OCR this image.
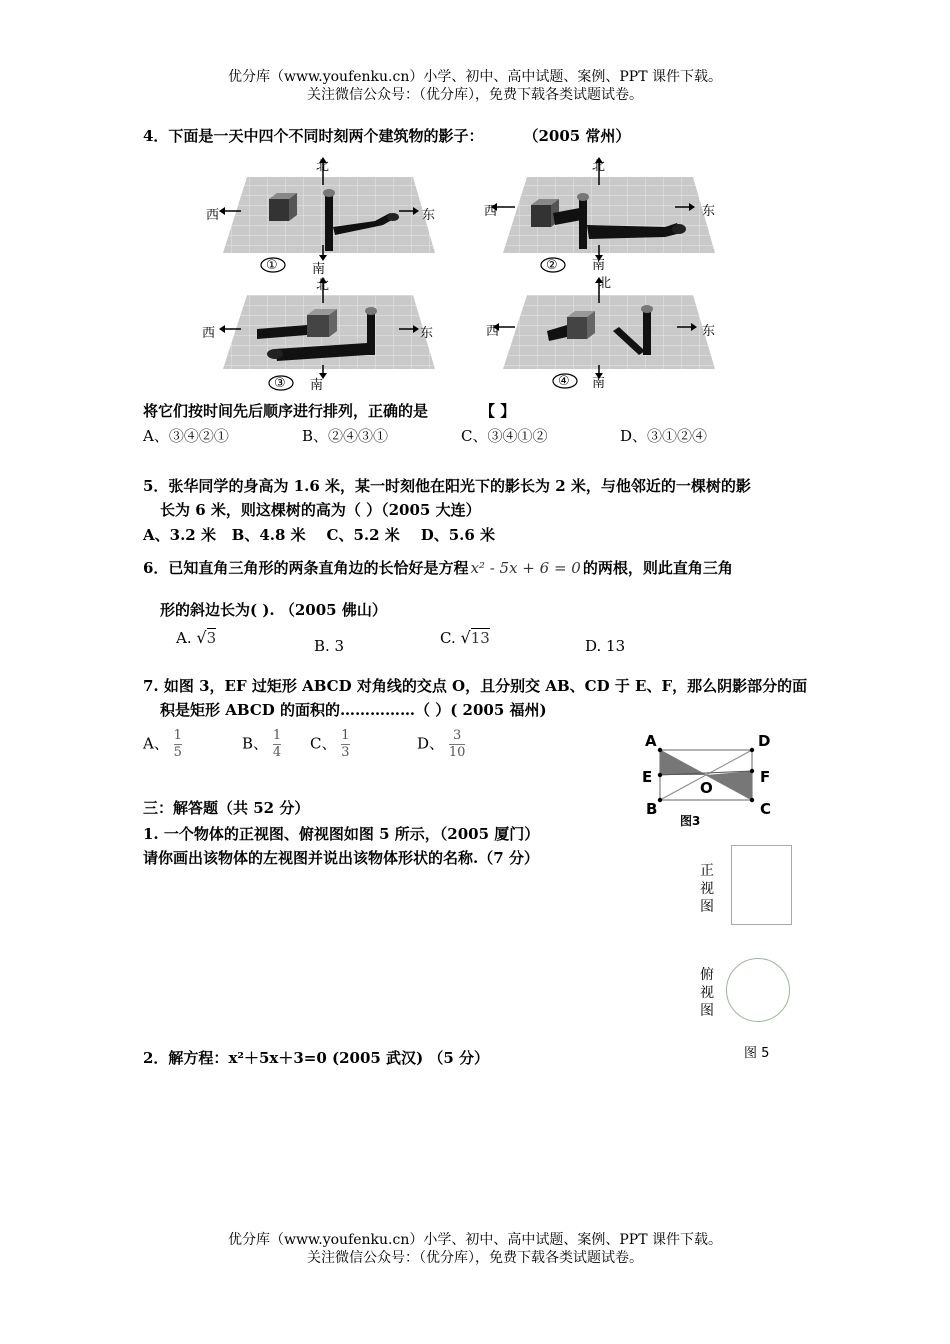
优分库（www.youfenku.cn）小学、初中、高中试题、案例、PPT 课件下载。
关注微信公众号：（优分库），免费下载各类试题试卷。
4．下面是一天中四个不同时刻两个建筑物的影子：	（2005 常州）
北
西	东
南
①
北
西	东
南
②
北
西	东
南
③
北
西	东
南
④
将它们按时间先后顺序进行排列，正确的是	【 】
A、③④②①	B、②④③①	C、③④①②	D、③①②④
5．张华同学的身高为 1.6 米，某一时刻他在阳光下的影长为 2 米，与他邻近的一棵树的影
长为 6 米，则这棵树的高为（ ）（2005 大连）
A、3.2 米 B、4.8 米 C、5.2 米 D、5.6 米
6．已知直角三角形的两条直角边的长恰好是方程 x² - 5x + 6 = 0 的两根，则此直角三角
形的斜边长为( ). （2005 佛山）
A. √3	B. 3	C. √13	D. 13
7. 如图 3，EF 过矩形 ABCD 对角线的交点 O，且分别交 AB、CD 于 E、F，那么阴影部分的面
积是矩形 ABCD 的面积的……………（ ）( 2005 福州)
A、 $\frac{1}{5}$	B、 $\frac{1}{4}$ C、 $\frac{1}{3}$	D、 $\frac{3}{10}$	A	D
E	F
O
B	C
图3
三：解答题（共 52 分）
1. 一个物体的正视图、俯视图如图 5 所示，（2005 厦门）
请你画出该物体的左视图并说出该物体形状的名称.（7 分）
正
视
图
俯
视
图
图 5
2．解方程：x²＋5x＋3=0 (2005 武汉) （5 分）
优分库（www.youfenku.cn）小学、初中、高中试题、案例、PPT 课件下载。
关注微信公众号：（优分库），免费下载各类试题试卷。
